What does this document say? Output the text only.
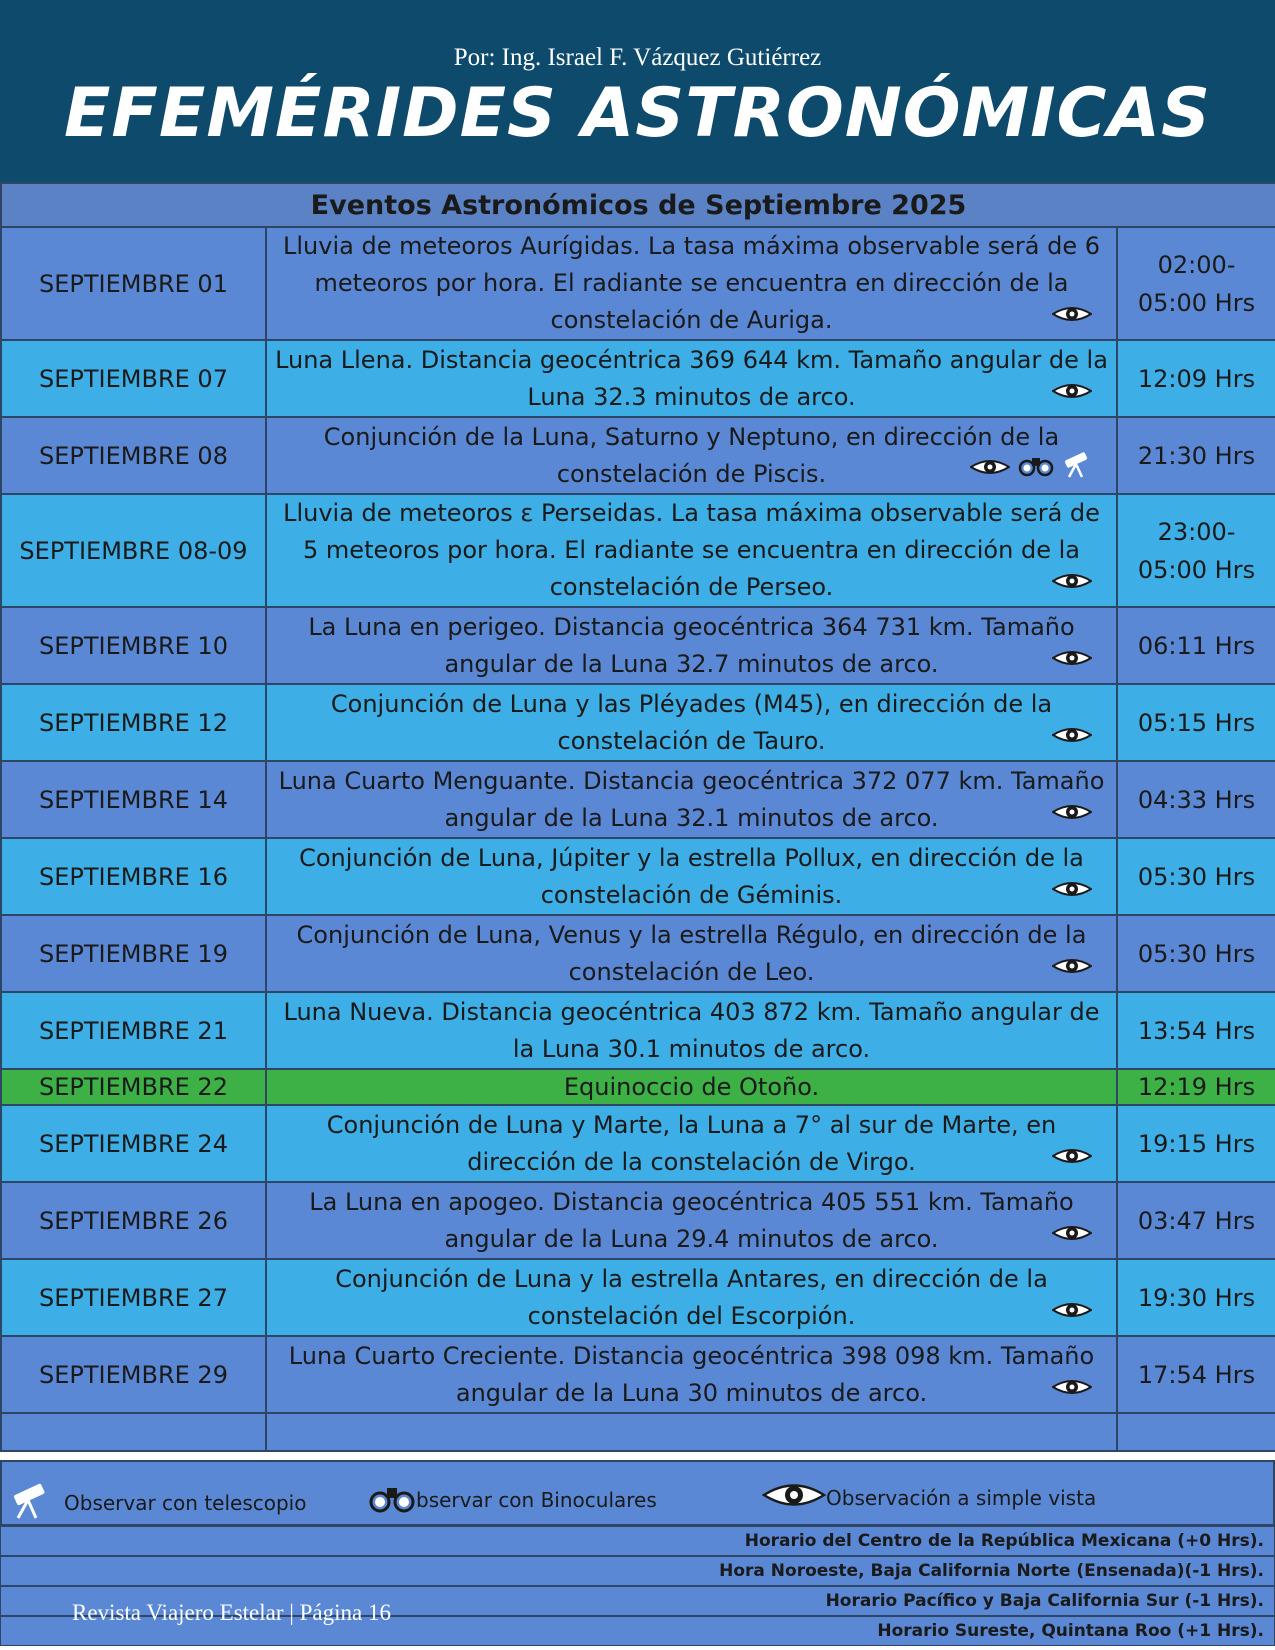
Por: Ing. Israel F. Vázquez Gutiérrez
EFEMÉRIDES ASTRONÓMICAS
Eventos Astronómicos de Septiembre 2025		
SEPTIEMBRE 01	Lluvia de meteoros Aurígidas. La tasa máxima observable será de 6 meteoros por hora. El radiante se encuentra en dirección de la constelación de Auriga.	02:00-
05:00 Hrs
SEPTIEMBRE 07	Luna Llena. Distancia geocéntrica 369 644 km. Tamaño angular de la Luna 32.3 minutos de arco.	12:09 Hrs
SEPTIEMBRE 08	Conjunción de la Luna, Saturno y Neptuno, en dirección de la constelación de Piscis.	21:30 Hrs
SEPTIEMBRE 08-09	Lluvia de meteoros ε Perseidas. La tasa máxima observable será de 5 meteoros por hora. El radiante se encuentra en dirección de la constelación de Perseo.	23:00-
05:00 Hrs
SEPTIEMBRE 10	La Luna en perigeo. Distancia geocéntrica 364 731 km. Tamaño angular de la Luna 32.7 minutos de arco.	06:11 Hrs
SEPTIEMBRE 12	Conjunción de Luna y las Pléyades (M45), en dirección de la constelación de Tauro.	05:15 Hrs
SEPTIEMBRE 14	Luna Cuarto Menguante. Distancia geocéntrica 372 077 km. Tamaño angular de la Luna 32.1 minutos de arco.	04:33 Hrs
SEPTIEMBRE 16	Conjunción de Luna, Júpiter y la estrella Pollux, en dirección de la constelación de Géminis.	05:30 Hrs
SEPTIEMBRE 19	Conjunción de Luna, Venus y la estrella Régulo, en dirección de la constelación de Leo.	05:30 Hrs
SEPTIEMBRE 21	Luna Nueva. Distancia geocéntrica 403 872 km. Tamaño angular de la Luna 30.1 minutos de arco.	13:54 Hrs
SEPTIEMBRE 22	Equinoccio de Otoño.	12:19 Hrs
SEPTIEMBRE 24	Conjunción de Luna y Marte, la Luna a 7° al sur de Marte, en dirección de la constelación de Virgo.	19:15 Hrs
SEPTIEMBRE 26	La Luna en apogeo. Distancia geocéntrica 405 551 km. Tamaño angular de la Luna 29.4 minutos de arco.	03:47 Hrs
SEPTIEMBRE 27	Conjunción de Luna y la estrella Antares, en dirección de la constelación del Escorpión.	19:30 Hrs
SEPTIEMBRE 29	Luna Cuarto Creciente. Distancia geocéntrica 398 098 km. Tamaño angular de la Luna 30 minutos de arco.	17:54 Hrs

Observar con telescopio	bservar con Binoculares	Observación a simple vista
Horario del Centro de la República Mexicana (+0 Hrs).
Hora Noroeste, Baja California Norte (Ensenada)(-1 Hrs).
Horario Pacífico y Baja California Sur (-1 Hrs).
Horario Sureste, Quintana Roo (+1 Hrs).
Revista Viajero Estelar | Página 16
